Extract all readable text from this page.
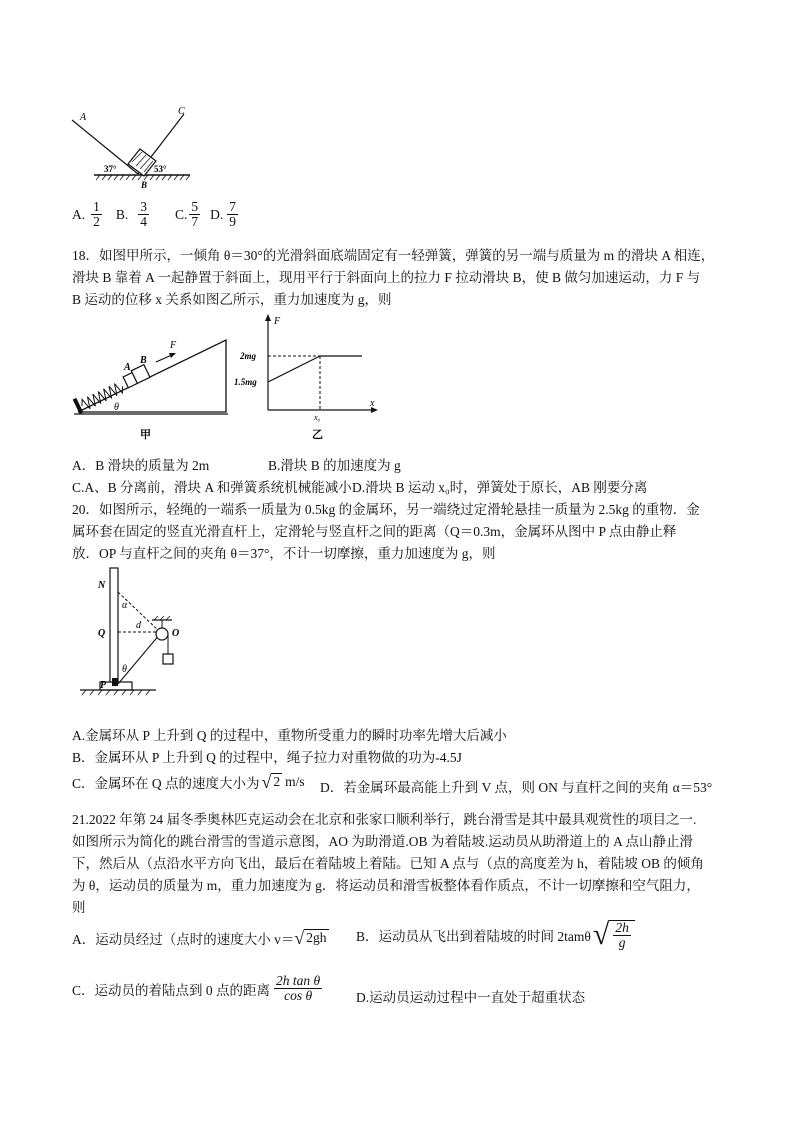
A
C
B
37°	53°
A. $\frac{1}{2} B$. $\frac{3}{4} C$. $\frac{5}{7} D$. $\frac{7}{9}$
18．如图甲所示，一倾角 θ＝30°的光滑斜面底端固定有一轻弹簧，弹簧的另一端与质量为 m 的滑块 A 相连，
滑块 B 靠着 A 一起静置于斜面上，现用平行于斜面向上的拉力 F 拉动滑块 B，使 B 做匀加速运动，力 F 与
B 运动的位移 x 关系如图乙所示，重力加速度为 g，则
A
B
F
θ
甲
F
x
2mg
1.5mg
x₀
乙
A．B 滑块的质量为 2m	B.滑块 B 的加速度为 g
C.A、B 分离前，滑块 A 和弹簧系统机械能减小 D.滑块 B 运动 x₀时，弹簧处于原长，AB 刚要分离
20．如图所示，轻绳的一端系一质量为 0.5kg 的金属环，另一端绕过定滑轮悬挂一质量为 2.5kg 的重物．金
属环套在固定的竖直光滑直杆上，定滑轮与竖直杆之间的距离（Q＝0.3m，金属环从图中 P 点由静止释
放．OP 与直杆之间的夹角 θ＝37°，不计一切摩擦，重力加速度为 g，则
N
α
Q
d
O
θ
P
A.金属环从 P 上升到 Q 的过程中，重物所受重力的瞬时功率先增大后减小
B．金属环从 P 上升到 Q 的过程中，绳子拉力对重物做的功为-4.5J
C．金属环在 Q 点的速度大小为 √ 2 m/s D．若金属环最高能上升到 V 点，则 ON 与直杆之间的夹角 α＝53°
21.2022 年第 24 届冬季奥林匹克运动会在北京和张家口顺利举行，跳台滑雪是其中最具观赏性的项目之一.
如图所示为简化的跳台滑雪的雪道示意图，AO 为助滑道.OB 为着陆坡.运动员从助滑道上的 A 点山静止滑
下，然后从（点沿水平方向飞出，最后在着陆坡上着陆。已知 A 点与（点的高度差为 h，着陆坡 OB 的倾角
为 θ，运动员的质量为 m，重力加速度为 g．将运动员和滑雪板整体看作质点，不计一切摩擦和空气阻力，
则
A．运动员经过（点时的速度大小 v＝ √ 2gh B．运动员从飞出到着陆坡的时间 2tamθ √ $\frac{2h}{g}$
C．运动员的着陆点到 0 点的距离 $\frac{\text{2h tan θ}}{\text{cos θ}}$	D.运动员运动过程中一直处于超重状态
